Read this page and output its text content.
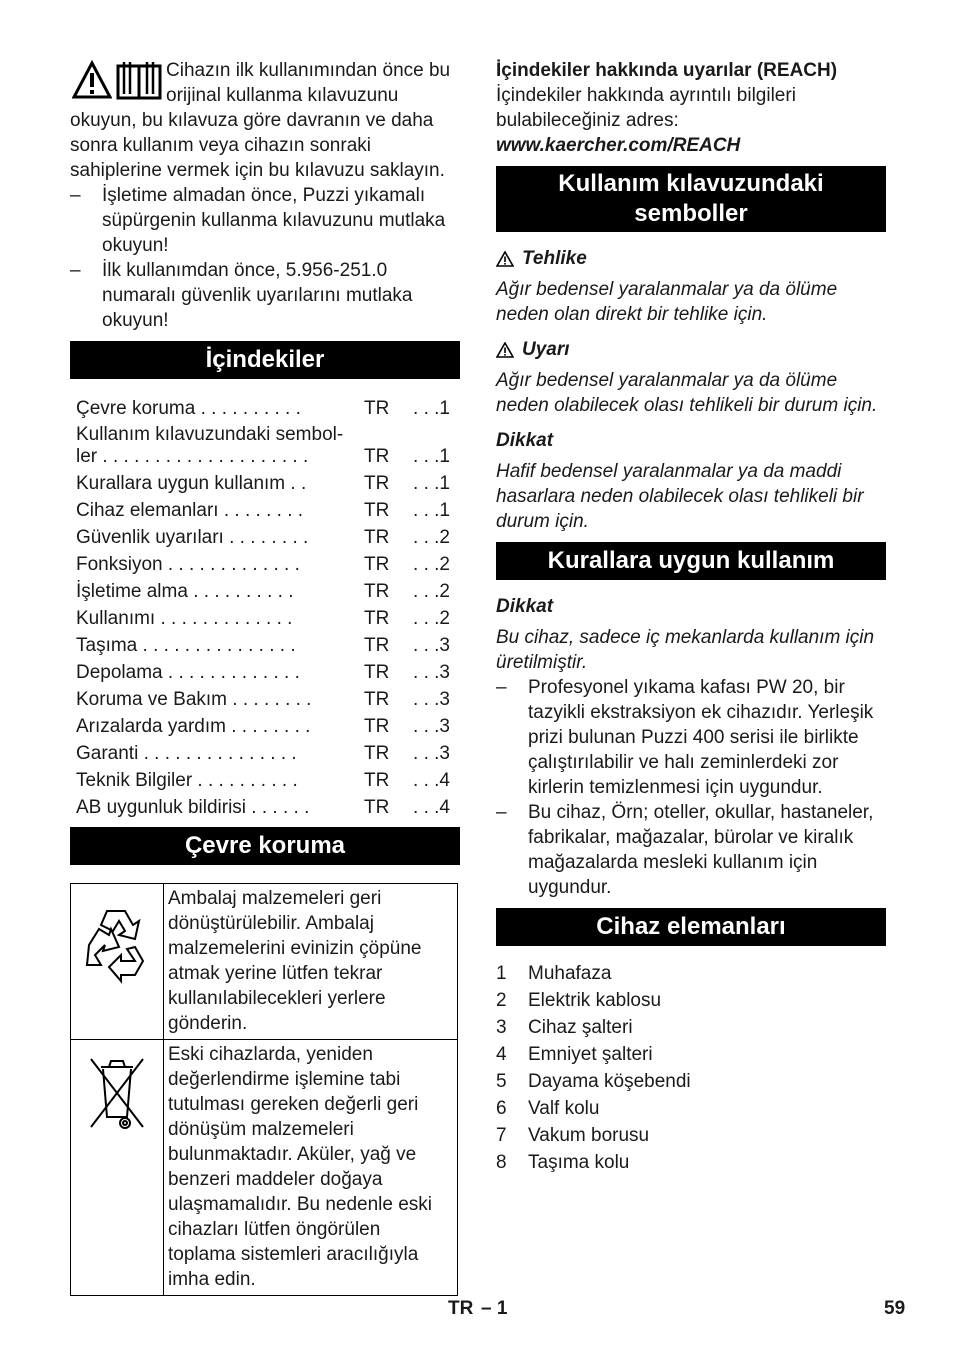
Cihazın ilk kullanımından önce bu orijinal kullanma kılavuzunu okuyun, bu kılavuza göre davranın ve daha sonra kullanım veya cihazın sonraki sahiplerine vermek için bu kılavuzu saklayın.

– İşletime almadan önce, Puzzi yıkamalı süpürgenin kullanma kılavuzunu mutlaka okuyun!
– İlk kullanımdan önce, 5.956-251.0 numaralı güvenlik uyarılarını mutlaka okuyun!
İçindekiler
Çevre koruma . . . . . . . . . .	TR	. . .1

Kullanım kılavuzundaki sembol-
ler . . . . . . . . . . . . . . . . . . . .	TR	. . .1
Kurallara uygun kullanım . .	TR	. . .1
Cihaz elemanları . . . . . . . .	TR	. . .1
Güvenlik uyarıları . . . . . . . .	TR	. . .2
Fonksiyon . . . . . . . . . . . . .	TR	. . .2
İşletime alma . . . . . . . . . .	TR	. . .2
Kullanımı . . . . . . . . . . . . .	TR	. . .2
Taşıma . . . . . . . . . . . . . . .	TR	. . .3
Depolama . . . . . . . . . . . . .	TR	. . .3
Koruma ve Bakım . . . . . . . .	TR	. . .3
Arızalarda yardım . . . . . . . .	TR	. . .3
Garanti . . . . . . . . . . . . . . .	TR	. . .3
Teknik Bilgiler . . . . . . . . . .	TR	. . .4
AB uygunluk bildirisi . . . . . .	TR	. . .4
Çevre koruma
	Ambalaj malzemeleri geri dönüştürülebilir. Ambalaj malzemelerini evinizin çöpüne atmak yerine lütfen tekrar kullanılabilecekleri yerlere gönderin.
	Eski cihazlarda, yeniden değerlendirme işlemine tabi tutulması gereken değerli geri dönüşüm malzemeleri bulunmaktadır. Aküler, yağ ve benzeri maddeler doğaya ulaşmamalıdır. Bu nedenle eski cihazları lütfen öngörülen toplama sistemleri aracılığıyla imha edin.

İçindekiler hakkında uyarılar (REACH)

İçindekiler hakkında ayrıntılı bilgileri bulabileceğiniz adres:

www.kaercher.com/REACH

Kullanım kılavuzundaki semboller
Tehlike

Ağır bedensel yaralanmalar ya da ölüme neden olan direkt bir tehlike için.

Uyarı

Ağır bedensel yaralanmalar ya da ölüme neden olabilecek olası tehlikeli bir durum için.

Dikkat

Hafif bedensel yaralanmalar ya da maddi hasarlara neden olabilecek olası tehlikeli bir durum için.

Kurallara uygun kullanım
Dikkat

Bu cihaz, sadece iç mekanlarda kullanım için üretilmiştir.

– Profesyonel yıkama kafası PW 20, bir tazyikli ekstraksiyon ek cihazıdır. Yerleşik prizi bulunan Puzzi 400 serisi ile birlikte çalıştırılabilir ve halı zeminlerdeki zor kirlerin temizlenmesi için uygundur.
– Bu cihaz, Örn; oteller, okullar, hastaneler, fabrikalar, mağazalar, bürolar ve kiralık mağazalarda mesleki kullanım için uygundur.
Cihaz elemanları
1	Muhafaza
2	Elektrik kablosu
3	Cihaz şalteri
4	Emniyet şalteri
5	Dayama köşebendi
6	Valf kolu
7	Vakum borusu
8	Taşıma kolu
TR – 1	59
